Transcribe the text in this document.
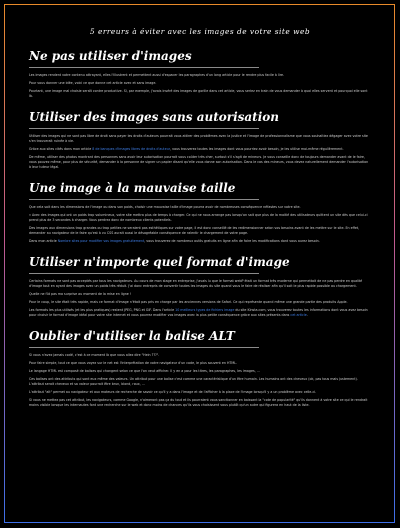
5 erreurs à éviter avec les images de votre site web
Ne pas utiliser d'images
Les images rendent votre contenu attrayant, elles l'illustrent et permettent aussi d'espacer les paragraphes d'un long article pour le rendre plus facile à lire.
Pour vous donner une idée, voici ce que donne cet article avec et sans image.
Pourtant, une image mal choisie seraït contre productive. Si, par exemple, j'avais inséré des images de gorille dans cet article, vous seriez en train de vous demander à quoi elles servent et pourquoi elle sont là.
Utiliser des images sans autorisation
Utiliser des images qui ne sont pas libre de droit sans payer les droits d'auteurs pourrait vous attirer des problèmes avec la justice et l'image de professionnalisme que vous souhaitiez dégager avec votre site s'en trouverait ruinée à vie.
Grâce aux sites cités dans mon article 8 de banques d'images libres de droits d'auteur, vous trouverez toutes les images dont vous pourriez avoir besoin, je les utilise moi-même régulièrement.
De même, utiliser des photos montrant des personnes sans avoir leur autorisation pourrait vous coûter très cher, surtout s'il s'agit de mineurs. Je vous conseille donc de toujours demander avant de le faire, vous pouvez même, pour plus de sécurité, demander à la personne de signer un papier disant qu'elle vous donne son autorisation. Dans le cas des mineurs, vous devez naturellement demander l'autorisation à leur tuteur légal.
Une image à la mauvaise taille
Que cela soit dans les dimensions de l'image ou dans son poids, choisir une mauvaise taille d'image pourra avoir de nombreuses conséquence néfastes sur votre site.
« Avec des images qui ont un poids trop volumineux, votre site mettra plus de temps à charger. Ce qui ne nous arrange pas lorsqu'on sait que plus de la moitié des utilisateurs quittent un site dès que celui-ci prend plus de 3 secondes à charger. Vous perdrez donc de nombreux clients potentiels.
Des images aux dimensions trop grandes ou trop petites ne seraient pas esthétiques sur votre page, il est donc conseillé de les redimensionner selon vos besoins avant de les mettre sur le site. En effet, demander au navigateur de le faire qu'est à vu CSS aurait aussi le désagréable conséquence de ralentir le chargement de votre page.
Dans mon article Nombre sites pour modifier vos images gratuitement, vous trouverez de nombreux outils gratuits en ligne afin de faire les modifications dont vous aurez besoin.
Utiliser n'importe quel format d'image
Certains formats ne sont pas acceptés par tous les navigateurs. Au cours de mon stage en entreprise, j'avais lu que le format webP était un format très moderne qui permettait de ne pas perdre en qualité d'image tout en ayant des images avec un poids très réduit. J'ai donc entrepris de convertir toutes les images du site quand vous le faire de réaliser afin qu'il soit le plus rapide possible au chargement.
Quelle ne fût pas ma surprise au moment de la mise en ligne !
Pour le coup, le site était très rapide, mais ce format d'image n'était pas pris en charge par les anciennes versions de Safari. Ce qui représente quand même une grande partie des produits Apple.
Les formats les plus utilisés (et les plus pratiques) restent JPEG, PNG et GIF. Dans l'article 10 meilleurs types de fichiers image du site Kinsta.com, vous trouverez toutes les informations dont vous avez besoin pour choisir le format d'image idéal pour votre site internet et vous pourrez modifier vos images avec la plus petite conséquence grâce aux sites présents dans cet article.
Oublier d'utiliser la balise ALT
Si vous n'avez jamais codé, c'est à ce moment là que vous allez dire "Hein ???".
Pour faire simple, tout ce que vous voyez sur le net est l'interprétation de votre navigateur d'un code, le plus souvent en HTML.
Le langage HTML est composé de balises qui changent selon ce que l'on veut afficher. Il y en a pour les titres, les paragraphes, les images, ...
Ces balises ont des attributs qui sont eux même des valeurs. Un attribut pour une balise c'est comme une caractéristique d'un être humain. Les humains ont des cheveux (ok, pas tous mais justement). L'attribut serait cheveux et sa valeur pourrait être brun, blond, roux, ...
L'attribut "alt" permet au navigateur et aux moteurs de recherche de savoir ce qu'il y a dans l'image et de l'afficher à la place de l'image lorsqu'il y a un problème avec celle-ci.
Si vous ne mettez pas cet attribut, les navigateurs, comme Google, n'aimeront pas ça du tout et ils pourraient vous sanctionner en baissant la "cote de popularité" qu'ils donnent à votre site ce qui le rendrait moins visible lorsque les internautes font une recherche sur le web et donc moins de chances qu'ils vous choisissent vous plutôt qu'un autre qui figurera en haut de la liste.
